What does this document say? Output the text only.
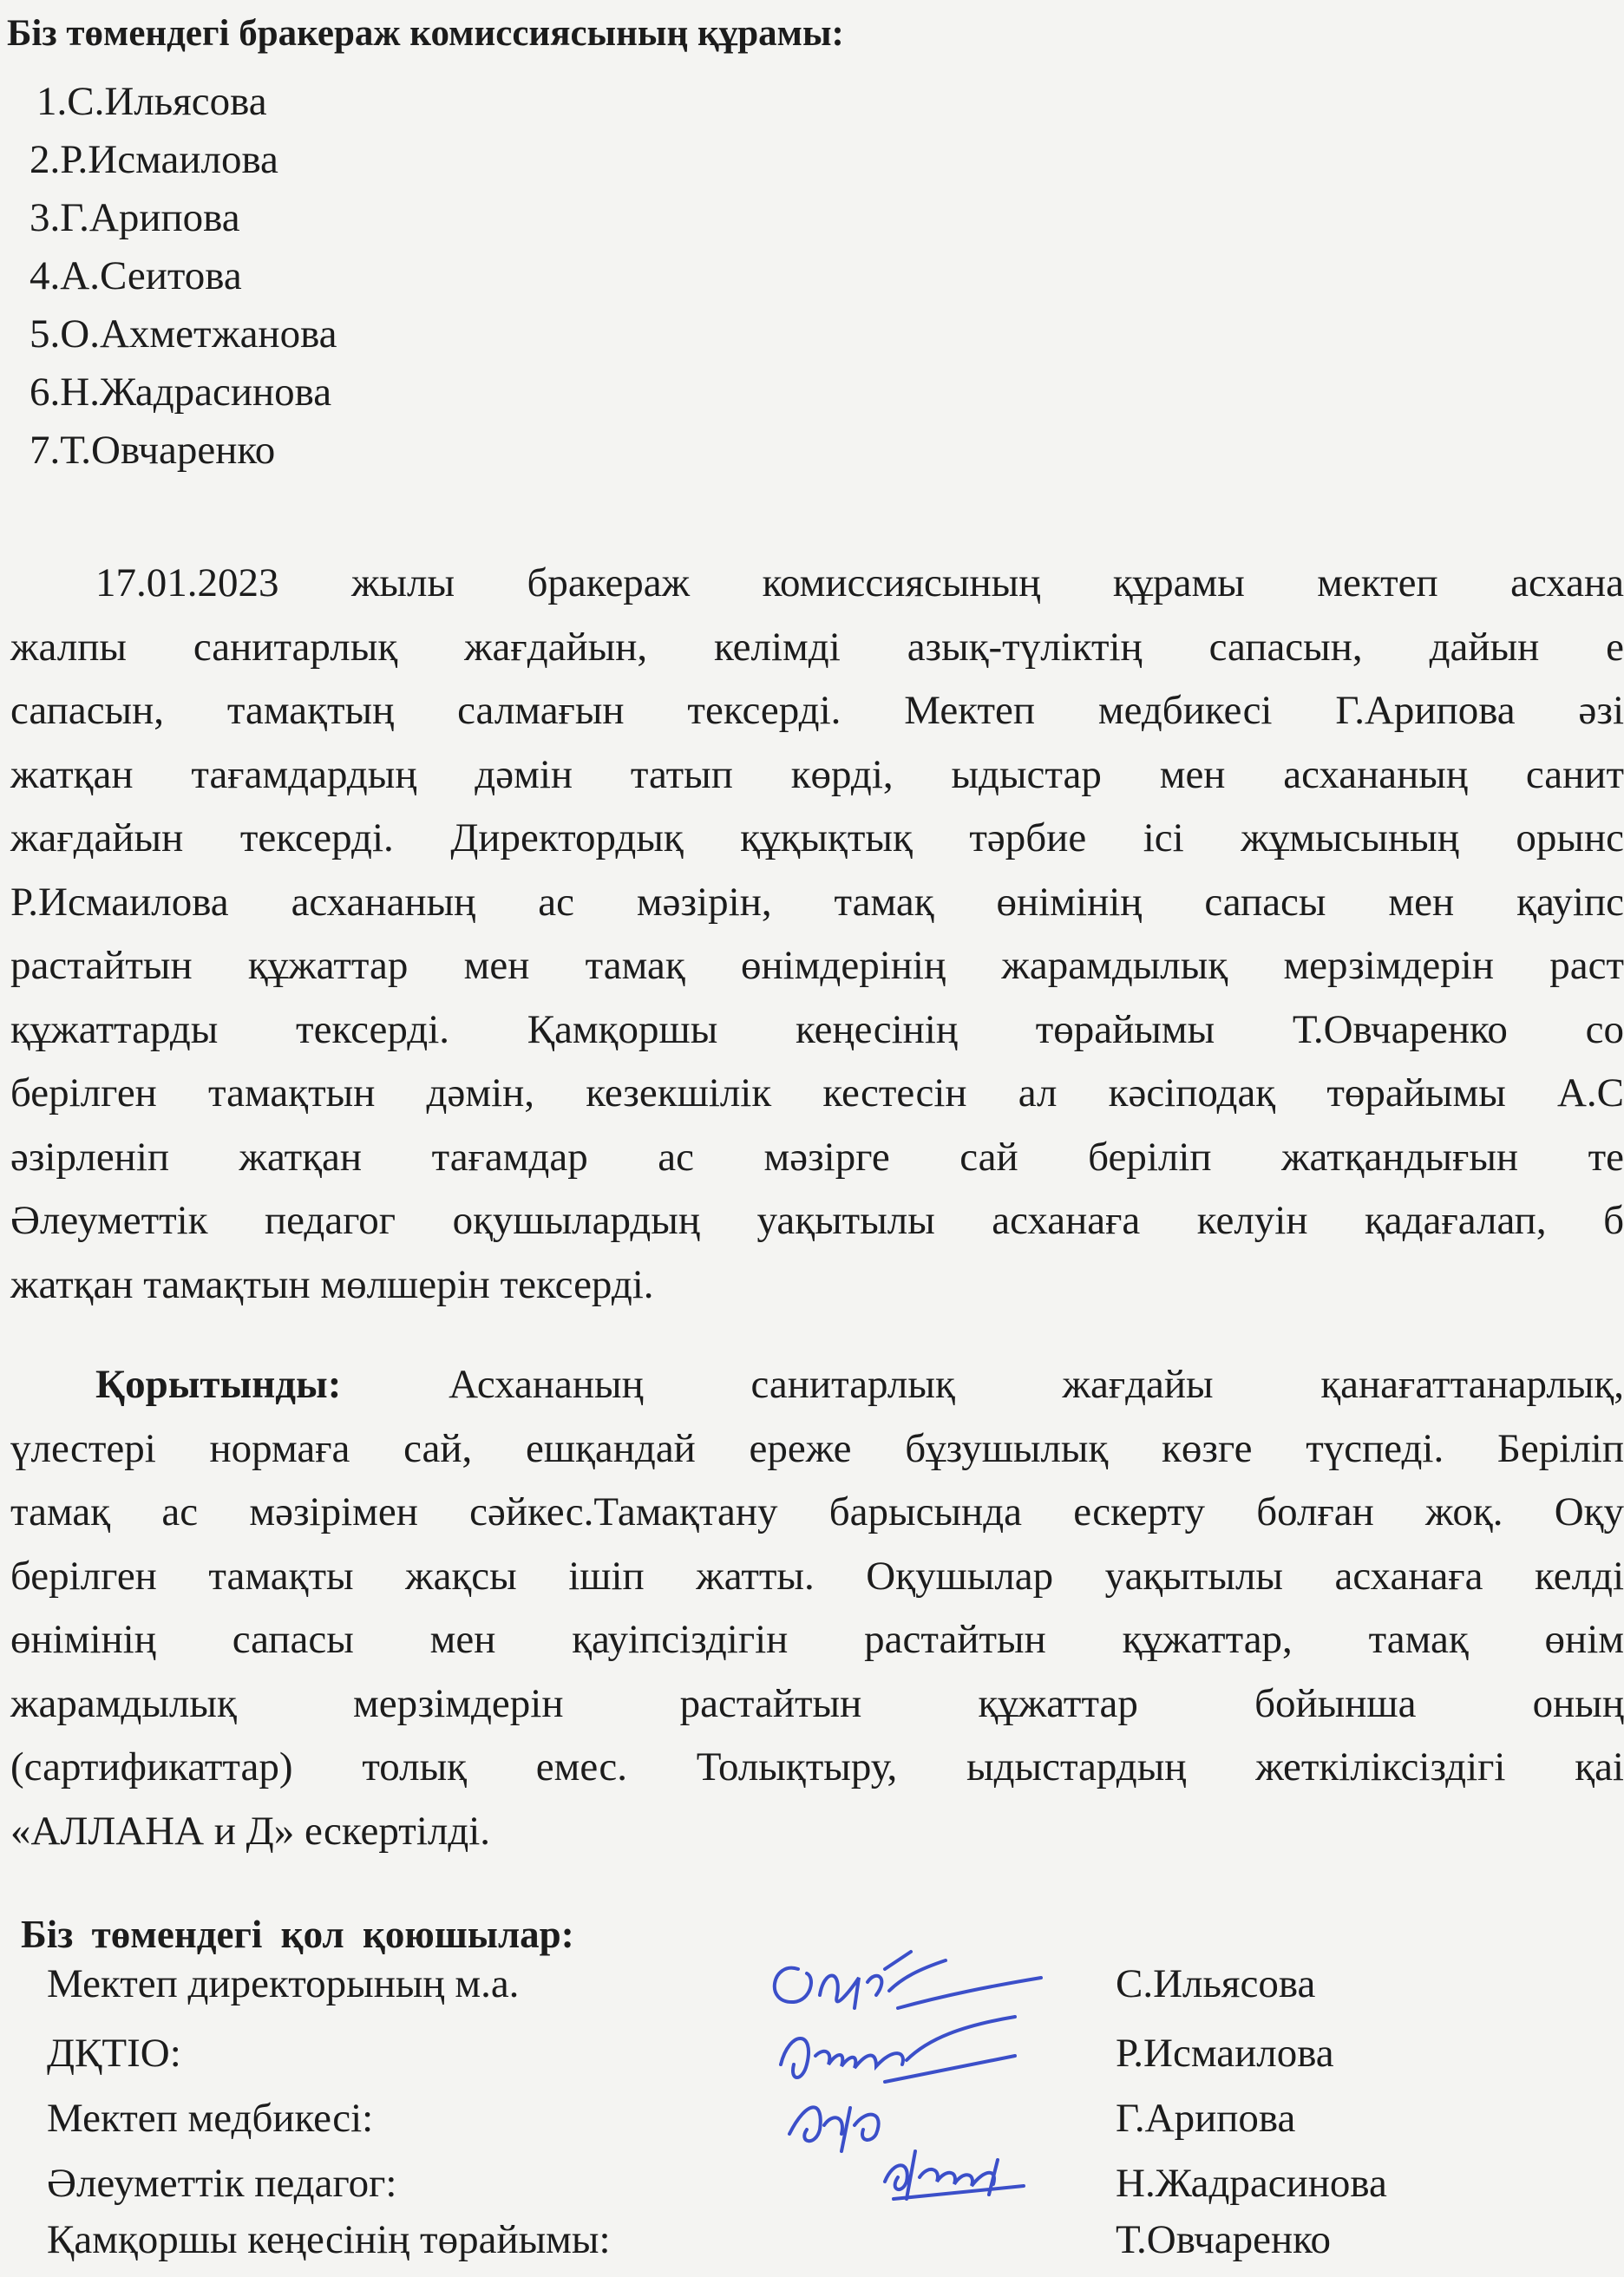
Біз төмендегі бракераж комиссиясының құрамы:
1.С.Ильясова
2.Р.Исмаилова
3.Г.Арипова
4.А.Сеитова
5.О.Ахметжанова
6.Н.Жадрасинова
7.Т.Овчаренко
17.01.2023 жылы бракераж комиссиясының құрамы мектеп асхана
жалпы санитарлық жағдайын, келімді азық-түліктің сапасын, дайын е
сапасын, тамақтың салмағын тексерді. Мектеп медбикесі Г.Арипова әзі
жатқан тағамдардың дәмін татып көрді, ыдыстар мен асхананың санит
жағдайын тексерді. Директордық құқықтық тәрбие ісі жұмысының орынс
Р.Исмаилова асхананың ас мәзірін, тамақ өнімінің сапасы мен қауіпс
растайтын құжаттар мен тамақ өнімдерінің жарамдылық мерзімдерін раст
құжаттарды тексерді. Қамқоршы кеңесінің төрайымы Т.Овчаренко со
берілген тамақтын дәмін, кезекшілік кестесін ал кәсіподақ төрайымы А.С
әзірленіп жатқан тағамдар ас мәзірге сай беріліп жатқандығын те
Әлеуметтік педагог оқушылардың уақытылы асханаға келуін қадағалап, б
жатқан тамақтын мөлшерін тексерді.
Қорытынды: Асхананың санитарлық жағдайы қанағаттанарлық,
үлестері нормаға сай, ешқандай ереже бұзушылық көзге түспеді. Беріліп
тамақ ас мәзірімен сәйкес.Тамақтану барысында ескерту болған жоқ. Оқу
берілген тамақты жақсы ішіп жатты. Оқушылар уақытылы асханаға келді
өнімінің сапасы мен қауіпсіздігін растайтын құжаттар, тамақ өнім
жарамдылық мерзімдерін растайтын құжаттар бойынша оның
(сартификаттар) толық емес. Толықтыру, ыдыстардың жеткіліксіздігі қаі
«АЛЛАНА и Д» ескертілді.
Біз төмендегі қол қоюшылар:
Мектеп директорының м.а.	С.Ильясова
ДҚТІО:	Р.Исмаилова
Мектеп медбикесі:	Г.Арипова
Әлеуметтік педагог:	Н.Жадрасинова
Қамқоршы кеңесінің төрайымы:	Т.Овчаренко
